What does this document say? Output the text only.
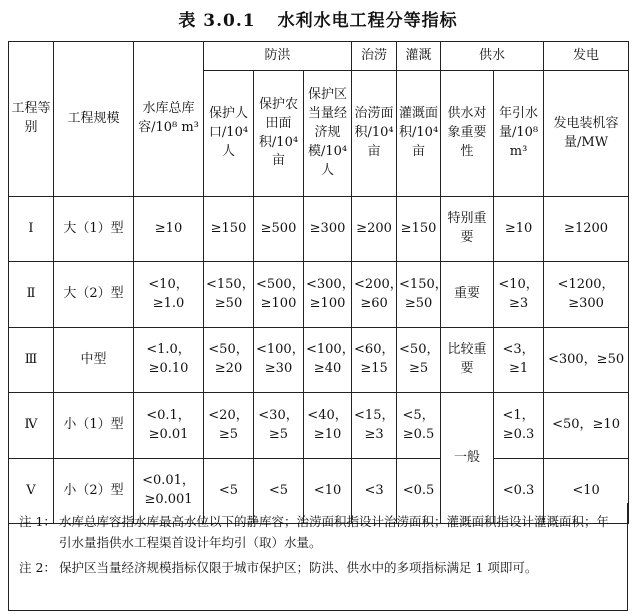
表 3.0.1 水利水电工程分等指标
工程等别	工程规模	水库总库容/10⁸ m³	防洪			治涝	灌溉	供水		发电
			保护人口/10⁴ 人	保护农田面积/10⁴ 亩	保护区当量经济规模/10⁴ 人	治涝面积/10⁴ 亩	灌溉面积/10⁴ 亩	供水对象重要性	年引水量/10⁸ m³	发电装机容量/MW
Ⅰ	大（1）型	≥10	≥150	≥500	≥300	≥200	≥150	特别重要	≥10	≥1200
Ⅱ	大（2）型	<10，≥1.0	<150，≥50	<500，≥100	<300，≥100	<200，≥60	<150，≥50	重要	<10，≥3	<1200，≥300
Ⅲ	中型	<1.0，≥0.10	<50，≥20	<100，≥30	<100，≥40	<60，≥15	<50，≥5	比较重要	<3，≥1	<300，≥50
Ⅳ	小（1）型	<0.1，≥0.01	<20，≥5	<30，≥5	<40，≥10	<15，≥3	<5，≥0.5	一般	<1，≥0.3	<50，≥10
Ⅴ	小（2）型	<0.01，≥0.001	<5	<5	<10	<3	<0.5		<0.3	<10
注 1： 水库总库容指水库最高水位以下的静库容；治涝面积指设计治涝面积；灌溉面积指设计灌溉面积；年引水量指供水工程渠首设计年均引（取）水量。
注 2： 保护区当量经济规模指标仅限于城市保护区；防洪、供水中的多项指标满足 1 项即可。
